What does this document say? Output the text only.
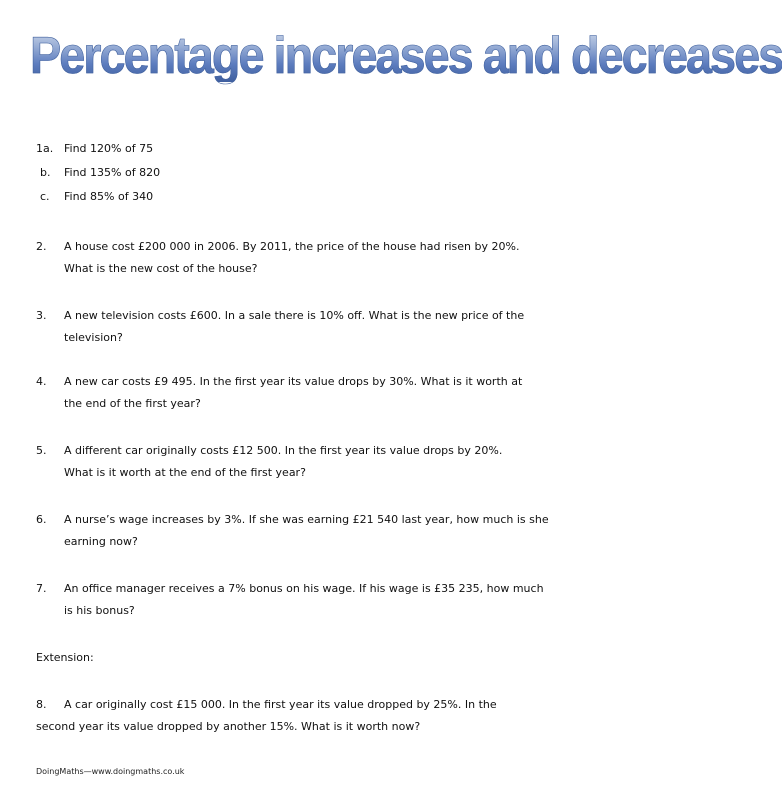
Percentage increases and decreases
1a. Find 120% of 75
b. Find 135% of 820
c. Find 85% of 340
2.	A house cost £200 000 in 2006. By 2011, the price of the house had risen by 20%.
What is the new cost of the house?
3.	A new television costs £600. In a sale there is 10% off. What is the new price of the
television?
4.	A new car costs £9 495. In the first year its value drops by 30%. What is it worth at
the end of the first year?
5.	A different car originally costs £12 500. In the first year its value drops by 20%.
What is it worth at the end of the first year?
6.	A nurse’s wage increases by 3%. If she was earning £21 540 last year, how much is she
earning now?
7.	An office manager receives a 7% bonus on his wage. If his wage is £35 235, how much
is his bonus?
Extension:
8. A car originally cost £15 000. In the first year its value dropped by 25%. In the
second year its value dropped by another 15%. What is it worth now?
DoingMaths—www.doingmaths.co.uk
